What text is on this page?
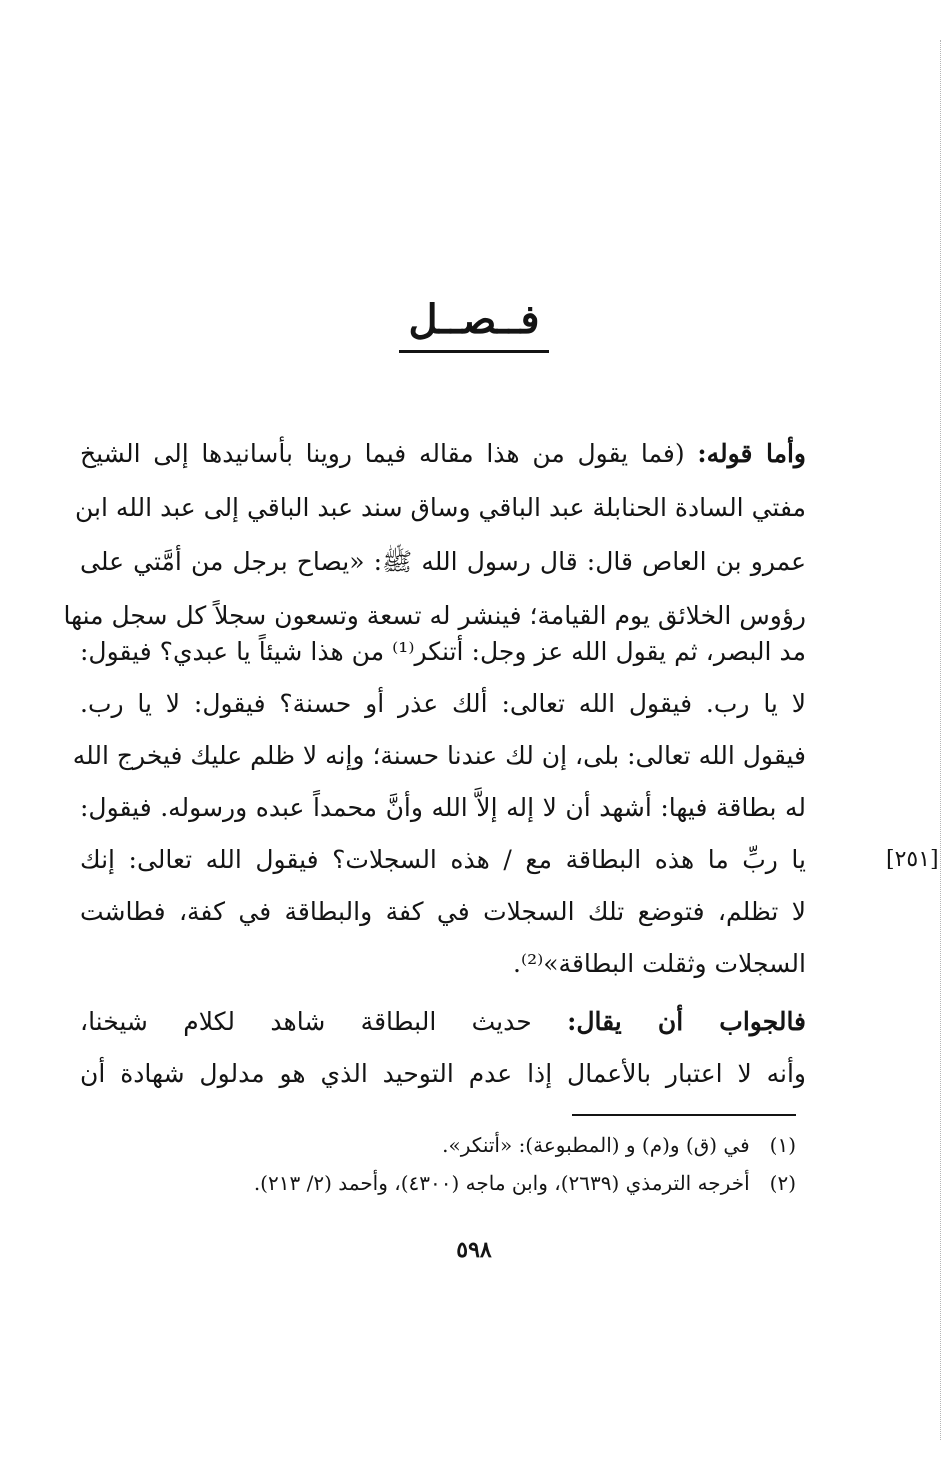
فــصــل
وأما قوله: (فما يقول من هذا مقاله فيما روينا بأسانيدها إلى الشيخ
مفتي السادة الحنابلة عبد الباقي وساق سند عبد الباقي إلى عبد الله ابن
عمرو بن العاص قال: قال رسول الله ﷺ: «يصاح برجل من أمَّتي على
رؤوس الخلائق يوم القيامة؛ فينشر له تسعة وتسعون سجلاً كل سجل منها
مد البصر، ثم يقول الله عز وجل: أتنكر⁽¹⁾ من هذا شيئاً يا عبدي؟ فيقول:
لا يا رب. فيقول الله تعالى: ألك عذر أو حسنة؟ فيقول: لا يا رب.
فيقول الله تعالى: بلى، إن لك عندنا حسنة؛ وإنه لا ظلم عليك فيخرج الله
له بطاقة فيها: أشهد أن لا إله إلاَّ الله وأنَّ محمداً عبده ورسوله. فيقول:
يا ربِّ ما هذه البطاقة مع / هذه السجلات؟ فيقول الله تعالى: إنك	[٢٥١]
لا تظلم، فتوضع تلك السجلات في كفة والبطاقة في كفة، فطاشت
السجلات وثقلت البطاقة»⁽²⁾.
فالجواب أن يقال: حديث البطاقة شاهد لكلام شيخنا،
وأنه لا اعتبار بالأعمال إذا عدم التوحيد الذي هو مدلول شهادة أن
(١) في (ق) و(م) و (المطبوعة): «أتنكر».
(٢) أخرجه الترمذي (٢٦٣٩)، وابن ماجه (٤٣٠٠)، وأحمد (٢/ ٢١٣).
٥٩٨
